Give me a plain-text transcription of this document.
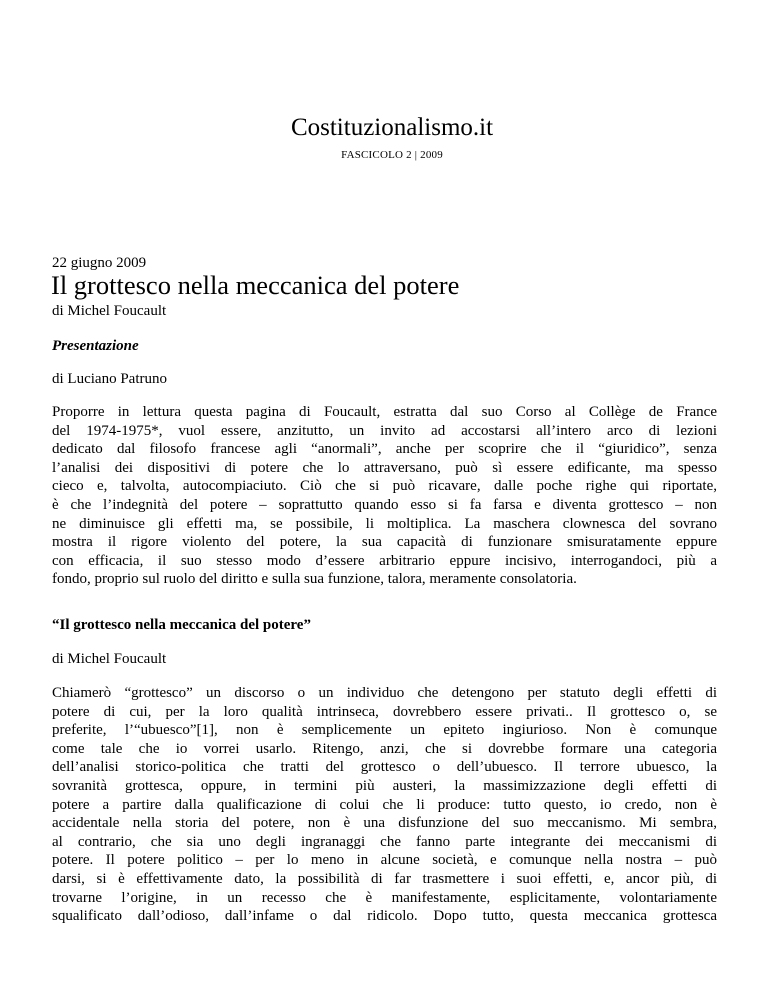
Costituzionalismo.it
FASCICOLO 2 | 2009
22 giugno 2009
Il grottesco nella meccanica del potere
di Michel Foucault
Presentazione
di Luciano Patruno
Proporre in lettura questa pagina di Foucault, estratta dal suo Corso al Collège de France
del 1974-1975*, vuol essere, anzitutto, un invito ad accostarsi all’intero arco di lezioni
dedicato dal filosofo francese agli “anormali”, anche per scoprire che il “giuridico”, senza
l’analisi dei dispositivi di potere che lo attraversano, può sì essere edificante, ma spesso
cieco e, talvolta, autocompiaciuto. Ciò che si può ricavare, dalle poche righe qui riportate,
è che l’indegnità del potere – soprattutto quando esso si fa farsa e diventa grottesco – non
ne diminuisce gli effetti ma, se possibile, li moltiplica. La maschera clownesca del sovrano
mostra il rigore violento del potere, la sua capacità di funzionare smisuratamente eppure
con efficacia, il suo stesso modo d’essere arbitrario eppure incisivo, interrogandoci, più a
fondo, proprio sul ruolo del diritto e sulla sua funzione, talora, meramente consolatoria.
“Il grottesco nella meccanica del potere”
di Michel Foucault
Chiamerò “grottesco” un discorso o un individuo che detengono per statuto degli effetti di
potere di cui, per la loro qualità intrinseca, dovrebbero essere privati.. Il grottesco o, se
preferite, l’“ubuesco”[1], non è semplicemente un epiteto ingiurioso. Non è comunque
come tale che io vorrei usarlo. Ritengo, anzi, che si dovrebbe formare una categoria
dell’analisi storico-politica che tratti del grottesco o dell’ubuesco. Il terrore ubuesco, la
sovranità grottesca, oppure, in termini più austeri, la massimizzazione degli effetti di
potere a partire dalla qualificazione di colui che li produce: tutto questo, io credo, non è
accidentale nella storia del potere, non è una disfunzione del suo meccanismo. Mi sembra,
al contrario, che sia uno degli ingranaggi che fanno parte integrante dei meccanismi di
potere. Il potere politico – per lo meno in alcune società, e comunque nella nostra – può
darsi, si è effettivamente dato, la possibilità di far trasmettere i suoi effetti, e, ancor più, di
trovarne l’origine, in un recesso che è manifestamente, esplicitamente, volontariamente
squalificato dall’odioso, dall’infame o dal ridicolo. Dopo tutto, questa meccanica grottesca
